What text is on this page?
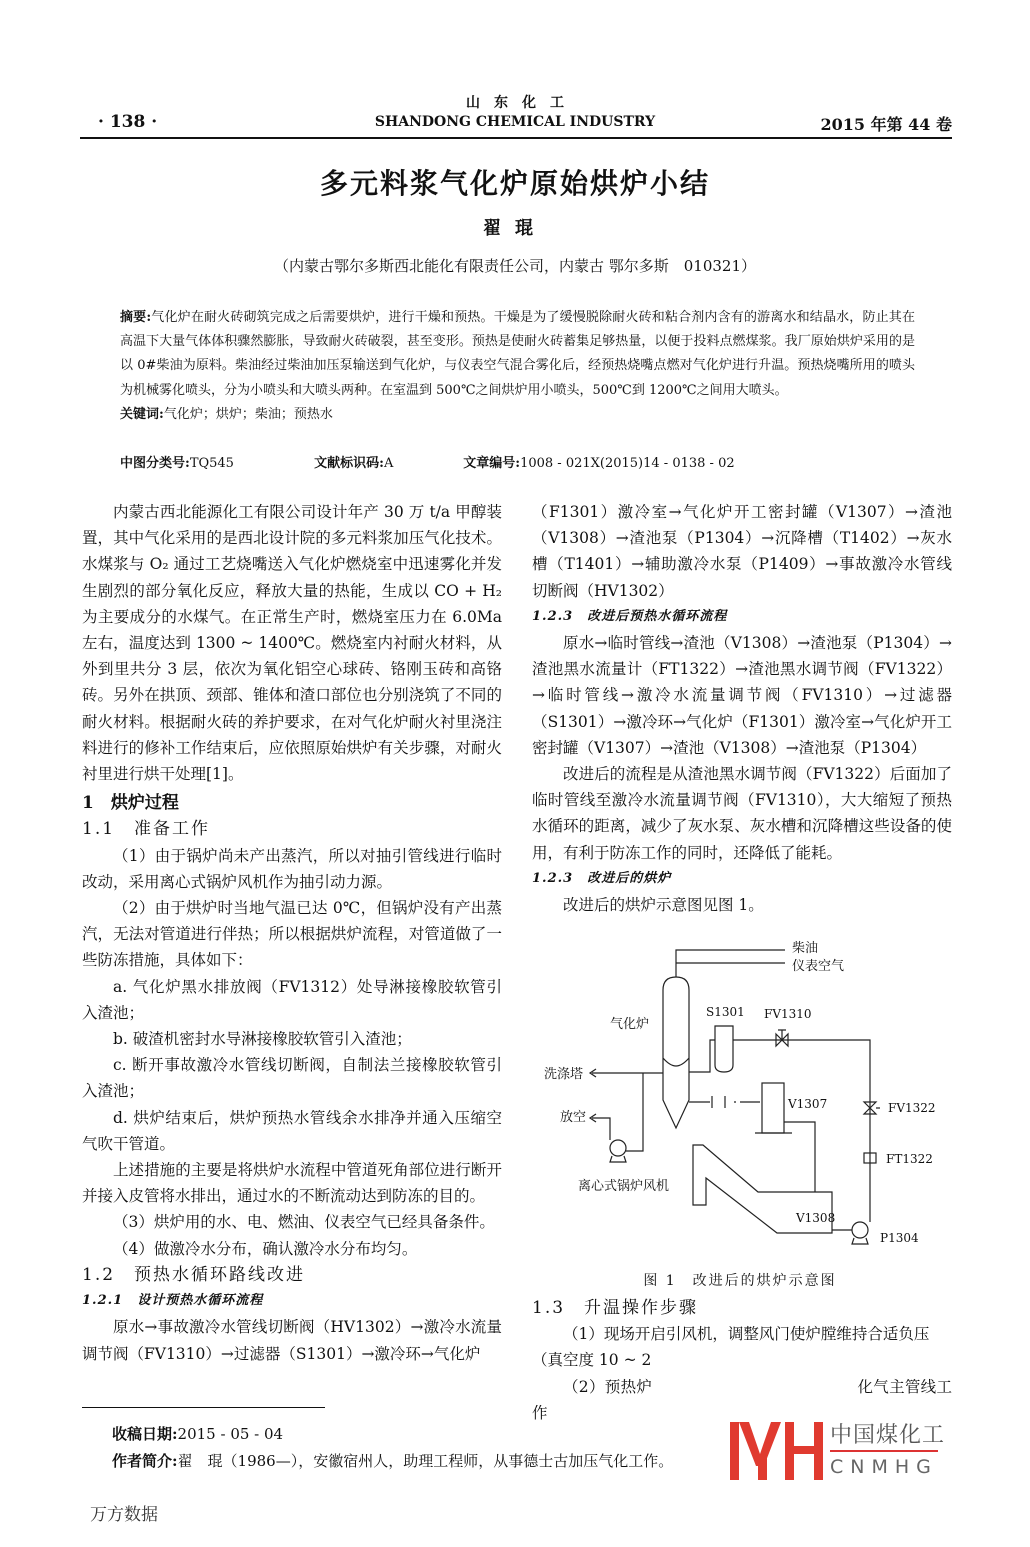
· 138 ·
山　东　化　工
SHANDONG CHEMICAL INDUSTRY	2015 年第 44 卷
多元料浆气化炉原始烘炉小结
翟琨
（内蒙古鄂尔多斯西北能化有限责任公司，内蒙古 鄂尔多斯　010321）
摘要:气化炉在耐火砖砌筑完成之后需要烘炉，进行干燥和预热。干燥是为了缓慢脱除耐火砖和粘合剂内含有的游离水和结晶水，防止其在高温下大量气体体积骤然膨胀，导致耐火砖破裂，甚至变形。预热是使耐火砖蓄集足够热量，以便于投料点燃煤浆。我厂原始烘炉采用的是以 0#柴油为原料。柴油经过柴油加压泵输送到气化炉，与仪表空气混合雾化后，经预热烧嘴点燃对气化炉进行升温。预热烧嘴所用的喷头为机械雾化喷头，分为小喷头和大喷头两种。在室温到 500℃之间烘炉用小喷头，500℃到 1200℃之间用大喷头。
关键词:气化炉；烘炉；柴油；预热水
中图分类号:TQ545	文献标识码:A	文章编号:1008 - 021X(2015)14 - 0138 - 02

内蒙古西北能源化工有限公司设计年产 30 万 t/a 甲醇装置，其中气化采用的是西北设计院的多元料浆加压气化技术。水煤浆与 O₂ 通过工艺烧嘴送入气化炉燃烧室中迅速雾化并发生剧烈的部分氧化反应，释放大量的热能，生成以 CO + H₂ 为主要成分的水煤气。在正常生产时，燃烧室压力在 6.0Ma 左右，温度达到 1300 ~ 1400℃。燃烧室内衬耐火材料，从外到里共分 3 层，依次为氧化铝空心球砖、铬刚玉砖和高铬砖。另外在拱顶、颈部、锥体和渣口部位也分别浇筑了不同的耐火材料。根据耐火砖的养护要求，在对气化炉耐火衬里浇注料进行的修补工作结束后，应依照原始烘炉有关步骤，对耐火衬里进行烘干处理[1]。

1　烘炉过程

1.1　准备工作

（1）由于锅炉尚未产出蒸汽，所以对抽引管线进行临时改动，采用离心式锅炉风机作为抽引动力源。

（2）由于烘炉时当地气温已达 0℃，但锅炉没有产出蒸汽，无法对管道进行伴热；所以根据烘炉流程，对管道做了一些防冻措施，具体如下：

a. 气化炉黑水排放阀（FV1312）处导淋接橡胶软管引入渣池；

b. 破渣机密封水导淋接橡胶软管引入渣池；

c. 断开事故激冷水管线切断阀，自制法兰接橡胶软管引入渣池；

d. 烘炉结束后，烘炉预热水管线余水排净并通入压缩空气吹干管道。

上述措施的主要是将烘炉水流程中管道死角部位进行断开并接入皮管将水排出，通过水的不断流动达到防冻的目的。

（3）烘炉用的水、电、燃油、仪表空气已经具备条件。

（4）做激冷水分布，确认激冷水分布均匀。

1.2　预热水循环路线改进

1.2.1　设计预热水循环流程

原水→事故激冷水管线切断阀（HV1302）→激冷水流量调节阀（FV1310）→过滤器（S1301）→激冷环→气化炉

（F1301）激冷室→气化炉开工密封罐（V1307）→渣池（V1308）→渣池泵（P1304）→沉降槽（T1402）→灰水槽（T1401）→辅助激冷水泵（P1409）→事故激冷水管线切断阀（HV1302）

1.2.3　改进后预热水循环流程

原水→临时管线→渣池（V1308）→渣池泵（P1304）→渣池黑水流量计（FT1322）→渣池黑水调节阀（FV1322）→临时管线→激冷水流量调节阀（FV1310）→过滤器（S1301）→激冷环→气化炉（F1301）激冷室→气化炉开工密封罐（V1307）→渣池（V1308）→渣池泵（P1304）

改进后的流程是从渣池黑水调节阀（FV1322）后面加了临时管线至激冷水流量调节阀（FV1310），大大缩短了预热水循环的距离，减少了灰水泵、灰水槽和沉降槽这些设备的使用，有利于防冻工作的同时，还降低了能耗。

1.2.3　改进后的烘炉

改进后的烘炉示意图见图 1。

柴油
仪表空气
气化炉
S1301 FV1310
洗涤塔
放空
V1307	FV1322
FT1322
离心式锅炉风机
V1308
P1304
图 1　改进后的烘炉示意图

1.3　升温操作步骤

（1）现场开启引风机，调整风门使炉膛维持合适负压

（真空度 10 ~ 2

（2）预热炉	化气主管线工作

中国煤化工
CNMHG
收稿日期:2015 - 05 - 04
作者简介:翟　琨（1986—），安徽宿州人，助理工程师，从事德士古加压气化工作。
万方数据
